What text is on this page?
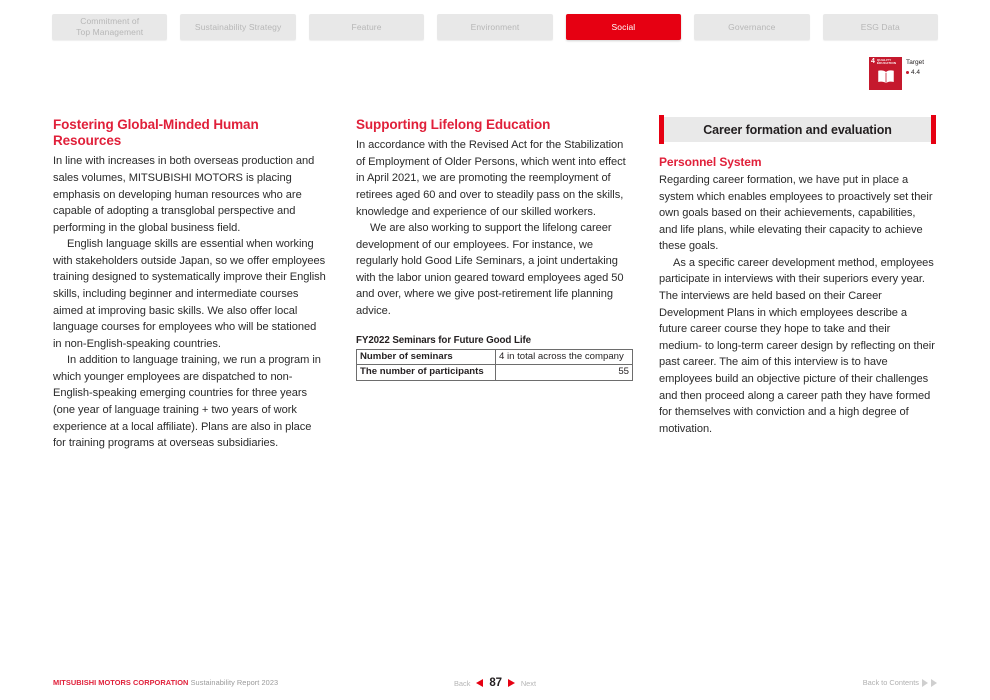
Commitment of
Top Management
Sustainability Strategy	Feature	Environment	Social	Governance	ESG Data
4 QUALITY
EDUCATION	Target
4.4
Fostering Global-Minded Human Resources

In line with increases in both overseas production and sales volumes, MITSUBISHI MOTORS is placing emphasis on developing human resources who are capable of adopting a transglobal perspective and performing in the global business field.

English language skills are essential when working with stakeholders outside Japan, so we offer employees training designed to systematically improve their English skills, including beginner and intermediate courses aimed at improving basic skills. We also offer local language courses for employees who will be stationed in non-English-speaking countries.

In addition to language training, we run a program in which younger employees are dispatched to non-English-speaking emerging countries for three years (one year of language training + two years of work experience at a local affiliate). Plans are also in place for training programs at overseas subsidiaries.

Supporting Lifelong Education

In accordance with the Revised Act for the Stabilization of Employment of Older Persons, which went into effect in April 2021, we are promoting the reemployment of retirees aged 60 and over to steadily pass on the skills, knowledge and experience of our skilled workers.

We are also working to support the lifelong career development of our employees. For instance, we regularly hold Good Life Seminars, a joint undertaking with the labor union geared toward employees aged 50 and over, where we give post-retirement life planning advice.

FY2022 Seminars for Future Good Life
Number of seminars	4 in total across the company
The number of participants	55
Career formation and evaluation
Personnel System

Regarding career formation, we have put in place a system which enables employees to proactively set their own goals based on their achievements, capabilities, and life plans, while elevating their capacity to achieve these goals.

As a specific career development method, employees participate in interviews with their superiors every year. The interviews are held based on their Career Development Plans in which employees describe a future career course they hope to take and their medium- to long-term career design by reflecting on their past career. The aim of this interview is to have employees build an objective picture of their challenges and then proceed along a career path they have formed for themselves with conviction and a high degree of motivation.

MITSUBISHI MOTORS CORPORATION Sustainability Report 2023	Back 87	Next	Back to Contents
